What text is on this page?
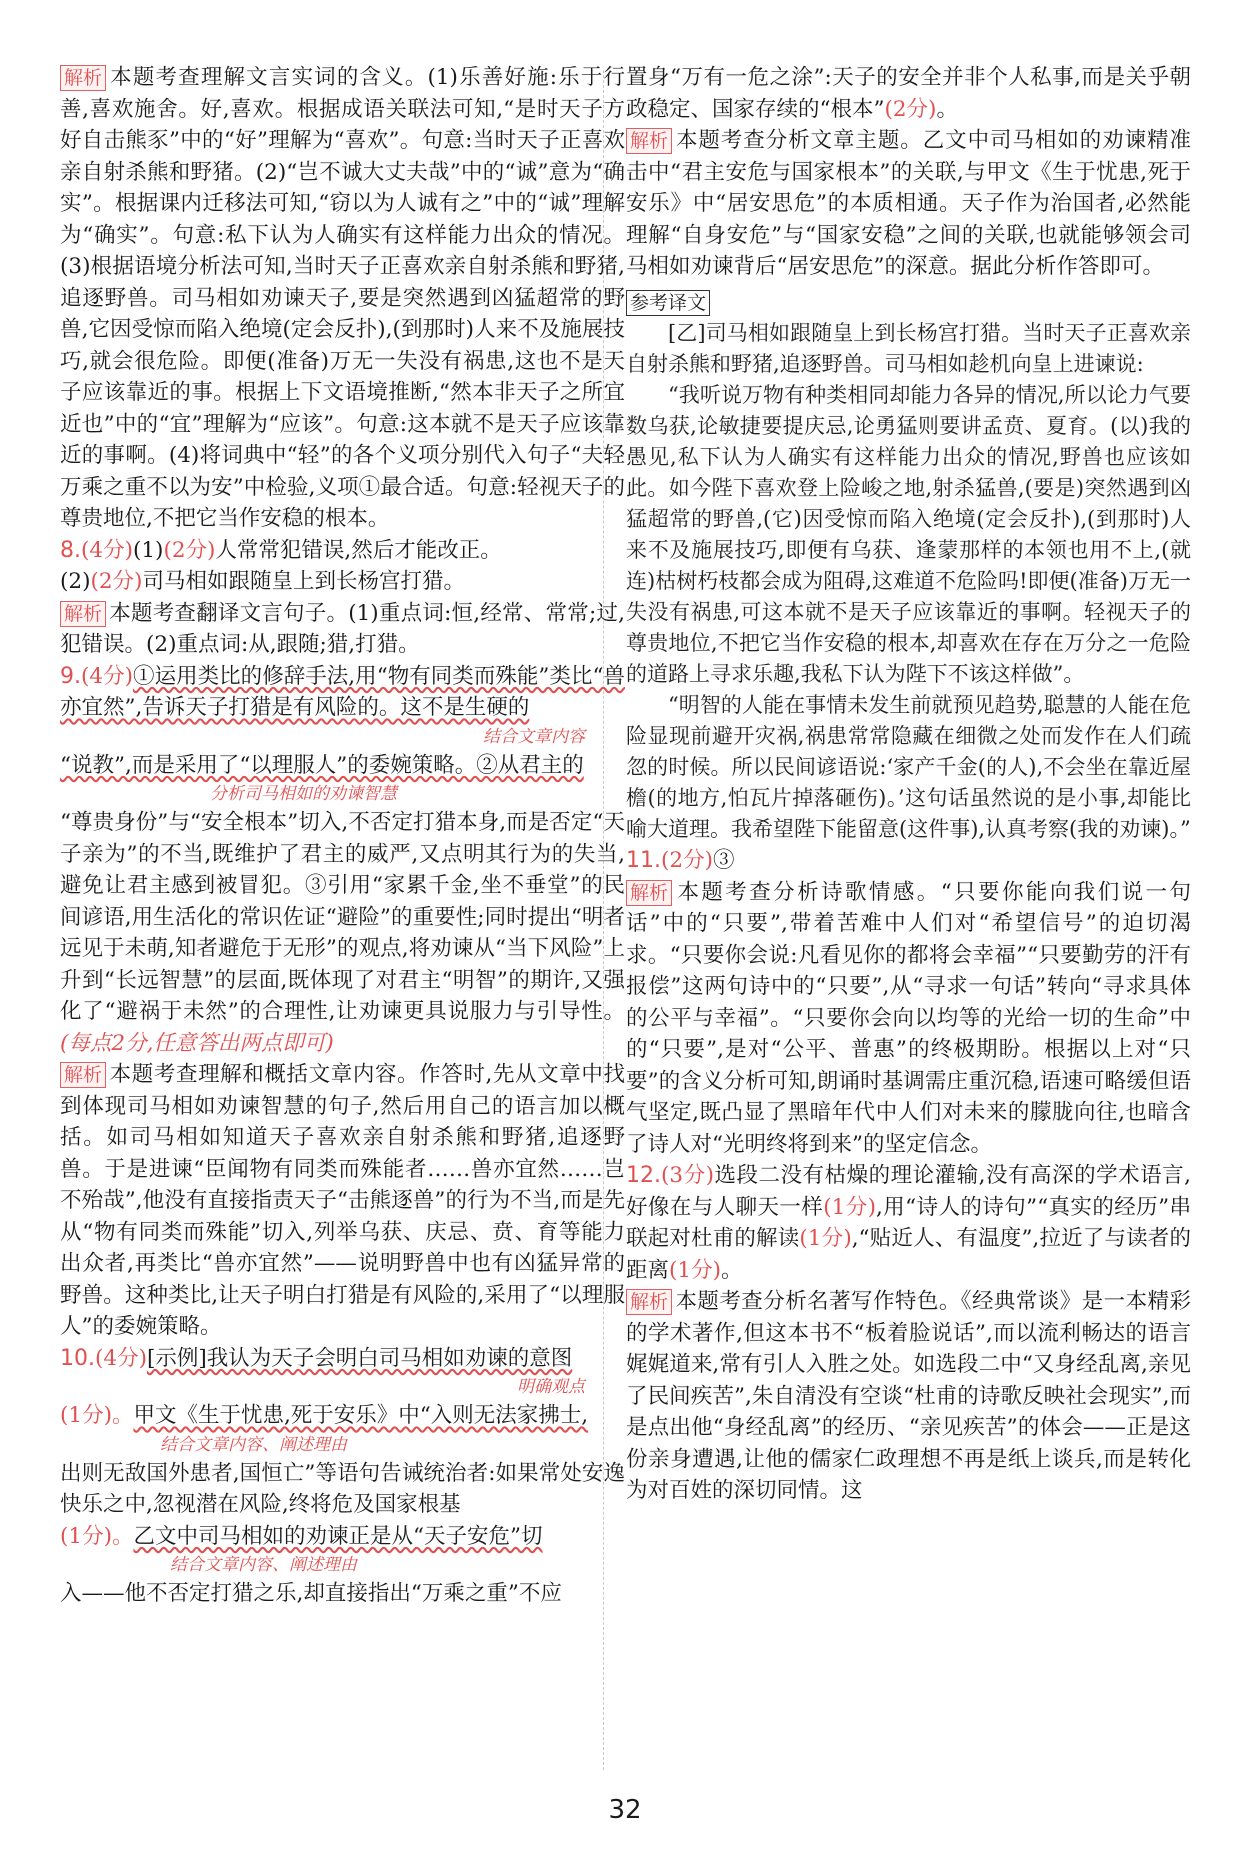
解析 本题考查理解文言实词的含义。(1)乐善好施:乐于行善,喜欢施舍。好,喜欢。根据成语关联法可知,“是时天子方好自击熊豕”中的“好”理解为“喜欢”。句意:当时天子正喜欢亲自射杀熊和野猪。(2)“岂不诚大丈夫哉”中的“诚”意为“确实”。根据课内迁移法可知,“窃以为人诚有之”中的“诚”理解为“确实”。句意:私下认为人确实有这样能力出众的情况。(3)根据语境分析法可知,当时天子正喜欢亲自射杀熊和野猪,追逐野兽。司马相如劝谏天子,要是突然遇到凶猛超常的野兽,它因受惊而陷入绝境(定会反扑),(到那时)人来不及施展技巧,就会很危险。即便(准备)万无一失没有祸患,这也不是天子应该靠近的事。根据上下文语境推断,“然本非天子之所宜近也”中的“宜”理解为“应该”。句意:这本就不是天子应该靠近的事啊。(4)将词典中“轻”的各个义项分别代入句子“夫轻万乘之重不以为安”中检验,义项①最合适。句意:轻视天子的尊贵地位,不把它当作安稳的根本。

8.(4分)(1)(2分)人常常犯错误,然后才能改正。

(2)(2分)司马相如跟随皇上到长杨宫打猎。

解析 本题考查翻译文言句子。(1)重点词:恒,经常、常常;过,犯错误。(2)重点词:从,跟随;猎,打猎。

9.(4分)①运用类比的修辞手法,用“物有同类而殊能”类比“兽亦宜然”,告诉天子打猎是有风险的。这不是生硬的

结合文章内容

“说教”,而是采用了“以理服人”的委婉策略。②从君主的

分析司马相如的劝谏智慧

“尊贵身份”与“安全根本”切入,不否定打猎本身,而是否定“天子亲为”的不当,既维护了君主的威严,又点明其行为的失当,避免让君主感到被冒犯。③引用“家累千金,坐不垂堂”的民间谚语,用生活化的常识佐证“避险”的重要性;同时提出“明者远见于未萌,知者避危于无形”的观点,将劝谏从“当下风险”上升到“长远智慧”的层面,既体现了对君主“明智”的期许,又强化了“避祸于未然”的合理性,让劝谏更具说服力与引导性。(每点2分,任意答出两点即可)

解析 本题考查理解和概括文章内容。作答时,先从文章中找到体现司马相如劝谏智慧的句子,然后用自己的语言加以概括。如司马相如知道天子喜欢亲自射杀熊和野猪,追逐野兽。于是进谏“臣闻物有同类而殊能者……兽亦宜然……岂不殆哉”,他没有直接指责天子“击熊逐兽”的行为不当,而是先从“物有同类而殊能”切入,列举乌获、庆忌、贲、育等能力出众者,再类比“兽亦宜然”——说明野兽中也有凶猛异常的野兽。这种类比,让天子明白打猎是有风险的,采用了“以理服人”的委婉策略。

10.(4分)[示例]我认为天子会明白司马相如劝谏的意图

明确观点

(1分)。甲文《生于忧患,死于安乐》中“入则无法家拂士,

结合文章内容、阐述理由

出则无敌国外患者,国恒亡”等语句告诫统治者:如果常处安逸快乐之中,忽视潜在风险,终将危及国家根基

(1分)。乙文中司马相如的劝谏正是从“天子安危”切

结合文章内容、阐述理由

入——他不否定打猎之乐,却直接指出“万乘之重”不应

置身“万有一危之涂”:天子的安全并非个人私事,而是关乎朝政稳定、国家存续的“根本”(2分)。

解析 本题考查分析文章主题。乙文中司马相如的劝谏精准击中“君主安危与国家根本”的关联,与甲文《生于忧患,死于安乐》中“居安思危”的本质相通。天子作为治国者,必然能理解“自身安危”与“国家安稳”之间的关联,也就能够领会司马相如劝谏背后“居安思危”的深意。据此分析作答即可。

参考译文

[乙]司马相如跟随皇上到长杨宫打猎。当时天子正喜欢亲自射杀熊和野猪,追逐野兽。司马相如趁机向皇上进谏说:

“我听说万物有种类相同却能力各异的情况,所以论力气要数乌获,论敏捷要提庆忌,论勇猛则要讲孟贲、夏育。(以)我的愚见,私下认为人确实有这样能力出众的情况,野兽也应该如此。如今陛下喜欢登上险峻之地,射杀猛兽,(要是)突然遇到凶猛超常的野兽,(它)因受惊而陷入绝境(定会反扑),(到那时)人来不及施展技巧,即便有乌获、逢蒙那样的本领也用不上,(就连)枯树朽枝都会成为阻碍,这难道不危险吗!即便(准备)万无一失没有祸患,可这本就不是天子应该靠近的事啊。轻视天子的尊贵地位,不把它当作安稳的根本,却喜欢在存在万分之一危险的道路上寻求乐趣,我私下认为陛下不该这样做”。

“明智的人能在事情未发生前就预见趋势,聪慧的人能在危险显现前避开灾祸,祸患常常隐藏在细微之处而发作在人们疏忽的时候。所以民间谚语说:‘家产千金(的人),不会坐在靠近屋檐(的地方,怕瓦片掉落砸伤)。’这句话虽然说的是小事,却能比喻大道理。我希望陛下能留意(这件事),认真考察(我的劝谏)。”

11.(2分)③

解析 本题考查分析诗歌情感。“只要你能向我们说一句话”中的“只要”,带着苦难中人们对“希望信号”的迫切渴求。“只要你会说:凡看见你的都将会幸福”“只要勤劳的汗有报偿”这两句诗中的“只要”,从“寻求一句话”转向“寻求具体的公平与幸福”。“只要你会向以均等的光给一切的生命”中的“只要”,是对“公平、普惠”的终极期盼。根据以上对“只要”的含义分析可知,朗诵时基调需庄重沉稳,语速可略缓但语气坚定,既凸显了黑暗年代中人们对未来的朦胧向往,也暗含了诗人对“光明终将到来”的坚定信念。

12.(3分)选段二没有枯燥的理论灌输,没有高深的学术语言,好像在与人聊天一样(1分),用“诗人的诗句”“真实的经历”串联起对杜甫的解读(1分),“贴近人、有温度”,拉近了与读者的距离(1分)。

解析 本题考查分析名著写作特色。《经典常谈》是一本精彩的学术著作,但这本书不“板着脸说话”,而以流利畅达的语言娓娓道来,常有引人入胜之处。如选段二中“又身经乱离,亲见了民间疾苦”,朱自清没有空谈“杜甫的诗歌反映社会现实”,而是点出他“身经乱离”的经历、“亲见疾苦”的体会——正是这份亲身遭遇,让他的儒家仁政理想不再是纸上谈兵,而是转化为对百姓的深切同情。这

32
